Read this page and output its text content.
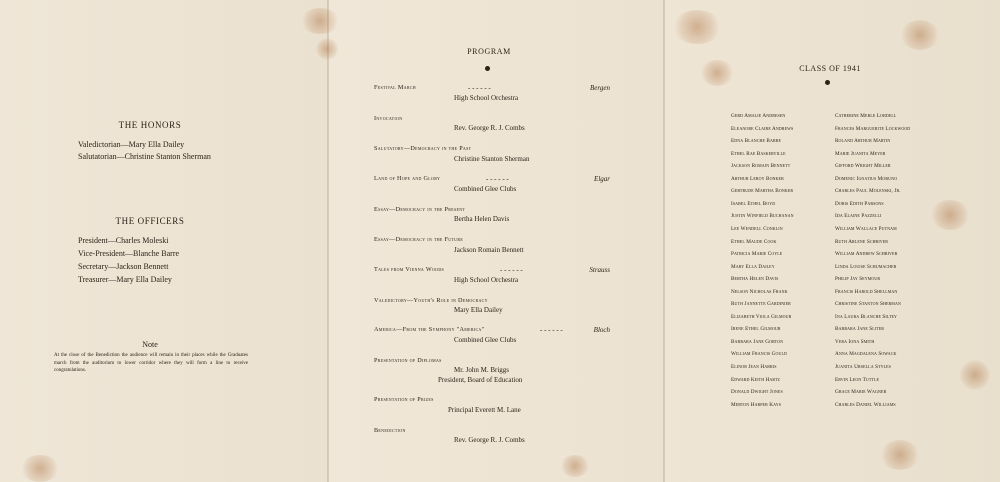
THE HONORS
Valedictorian—Mary Ella Dailey
Salutatorian—Christine Stanton Sherman
THE OFFICERS
President—Charles Moleski
Vice-President—Blanche Barre
Secretary—Jackson Bennett
Treasurer—Mary Ella Dailey
Note
At the close of the Benediction the audience will remain in their places while the Graduates march from the auditorium to lower corridor where they will form a line to receive congratulations.
PROGRAM
Festival March	- - - - - -	Bergen
High School Orchestra
Invocation
Rev. George R. J. Combs
Salutatory—Democracy in the Past
Christine Stanton Sherman
Land of Hope and Glory	- - - - - -	Elgar
Combined Glee Clubs
Essay—Democracy in the Present
Bertha Helen Davis
Essay—Democracy in the Future
Jackson Romain Bennett
Tales from Vienna Woods	- - - - - -	Strauss
High School Orchestra
Valedictory—Youth's Role in Democracy
Mary Ella Dailey
America—From the Symphony "America"	- - - - - -	Bloch
Combined Glee Clubs
Presentation of Diplomas
Mr. John M. Briggs
President, Board of Education
Presentation of Prizes
Principal Everett M. Lane
Benediction
Rev. George R. J. Combs
CLASS OF 1941
Gerd Amalie Andresen
Eleanore Claire Andrews
Edna Blanche Barre
Ethel Rae Baskerville
Jackson Romain Bennett
Arthur Leroy Bonker
Gertrude Martha Bonker
Isabel Ethel Boyd
Justin Winfield Buchanan
Lee Wendell Conklin
Ethel Maude Cook
Patricia Marie Coyle
Mary Ella Dailey
Bertha Helen Davis
Nelson Nicholas Frank
Ruth Jannette Gardinier
Elizabeth Viola Gilmour
Irene Ethel Gilmour
Barbara Jane Gorton
William Francis Gould
Elinor Jean Harris
Edward Keith Hartz
Donald Dwight Jones
Merton Harper Kays
Catherine Merle Lobdell
Frances Marguerite Lockwood
Roland Arthur Martin
Marie Juanita Meyer
Gifford Wright Miller
Domenic Ignatius Moruno
Charles Paul Molenski, Jr.
Doris Edith Parsons
Ida Elaine Pazzelli
William Wallace Putnam
Ruth Arlene Schriver
William Andrew Schriver
Linda Louise Schumacher
Philip Jay Seymour
Francis Harold Shellman
Christine Stanton Sherman
Ina Laura Blanche Siltey
Barbara Jane Sliter
Vera Iona Smith
Anna Magdalena Sowack
Juanita Ursella Styles
Ervin Leon Tuttle
Grace Marie Wagner
Charles Daniel Williams
